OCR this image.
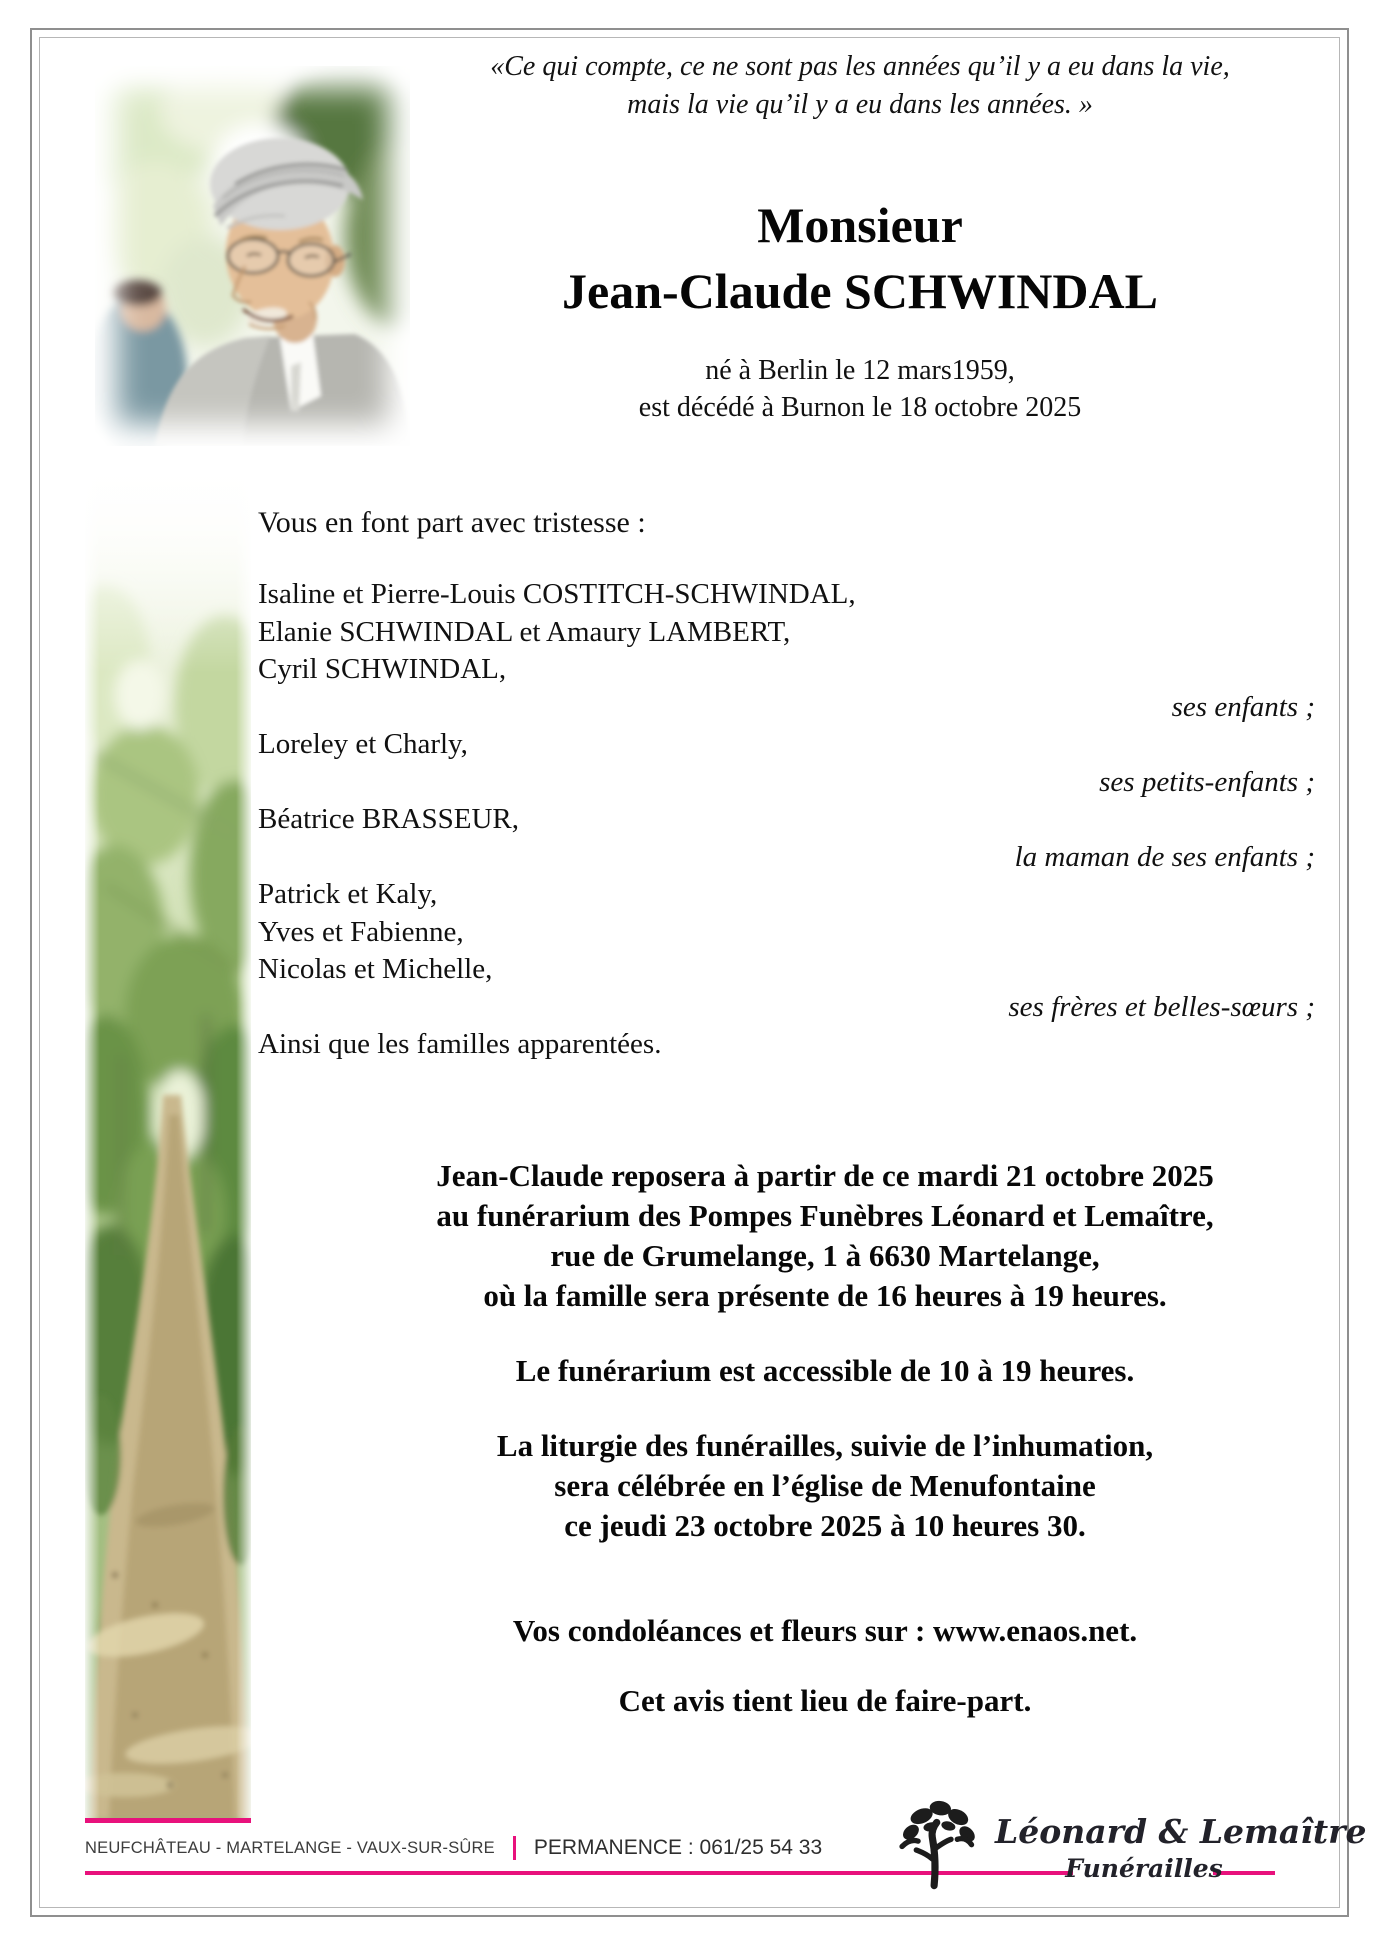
«Ce qui compte, ce ne sont pas les années qu’il y a eu dans la vie,
mais la vie qu’il y a eu dans les années. »
Monsieur
Jean-Claude SCHWINDAL
né à Berlin le 12 mars1959,
est décédé à Burnon le 18 octobre 2025
Vous en font part avec tristesse :
Isaline et Pierre-Louis COSTITCH-SCHWINDAL,
Elanie SCHWINDAL et Amaury LAMBERT,
Cyril SCHWINDAL,
ses enfants ;
Loreley et Charly,
ses petits-enfants ;
Béatrice BRASSEUR,
la maman de ses enfants ;
Patrick et Kaly,
Yves et Fabienne,
Nicolas et Michelle,
ses frères et belles-sœurs ;
Ainsi que les familles apparentées.
Jean-Claude reposera à partir de ce mardi 21 octobre 2025
au funérarium des Pompes Funèbres Léonard et Lemaître,
rue de Grumelange, 1 à 6630 Martelange,
où la famille sera présente de 16 heures à 19 heures.
Le funérarium est accessible de 10 à 19 heures.
La liturgie des funérailles, suivie de l’inhumation,
sera célébrée en l’église de Menufontaine
ce jeudi 23 octobre 2025 à 10 heures 30.
Vos condoléances et fleurs sur : www.enaos.net.
Cet avis tient lieu de faire-part.
NEUFCHÂTEAU - MARTELANGE - VAUX-SUR-SÛRE PERMANENCE : 061/25 54 33	Léonard & Lemaître
Funérailles
